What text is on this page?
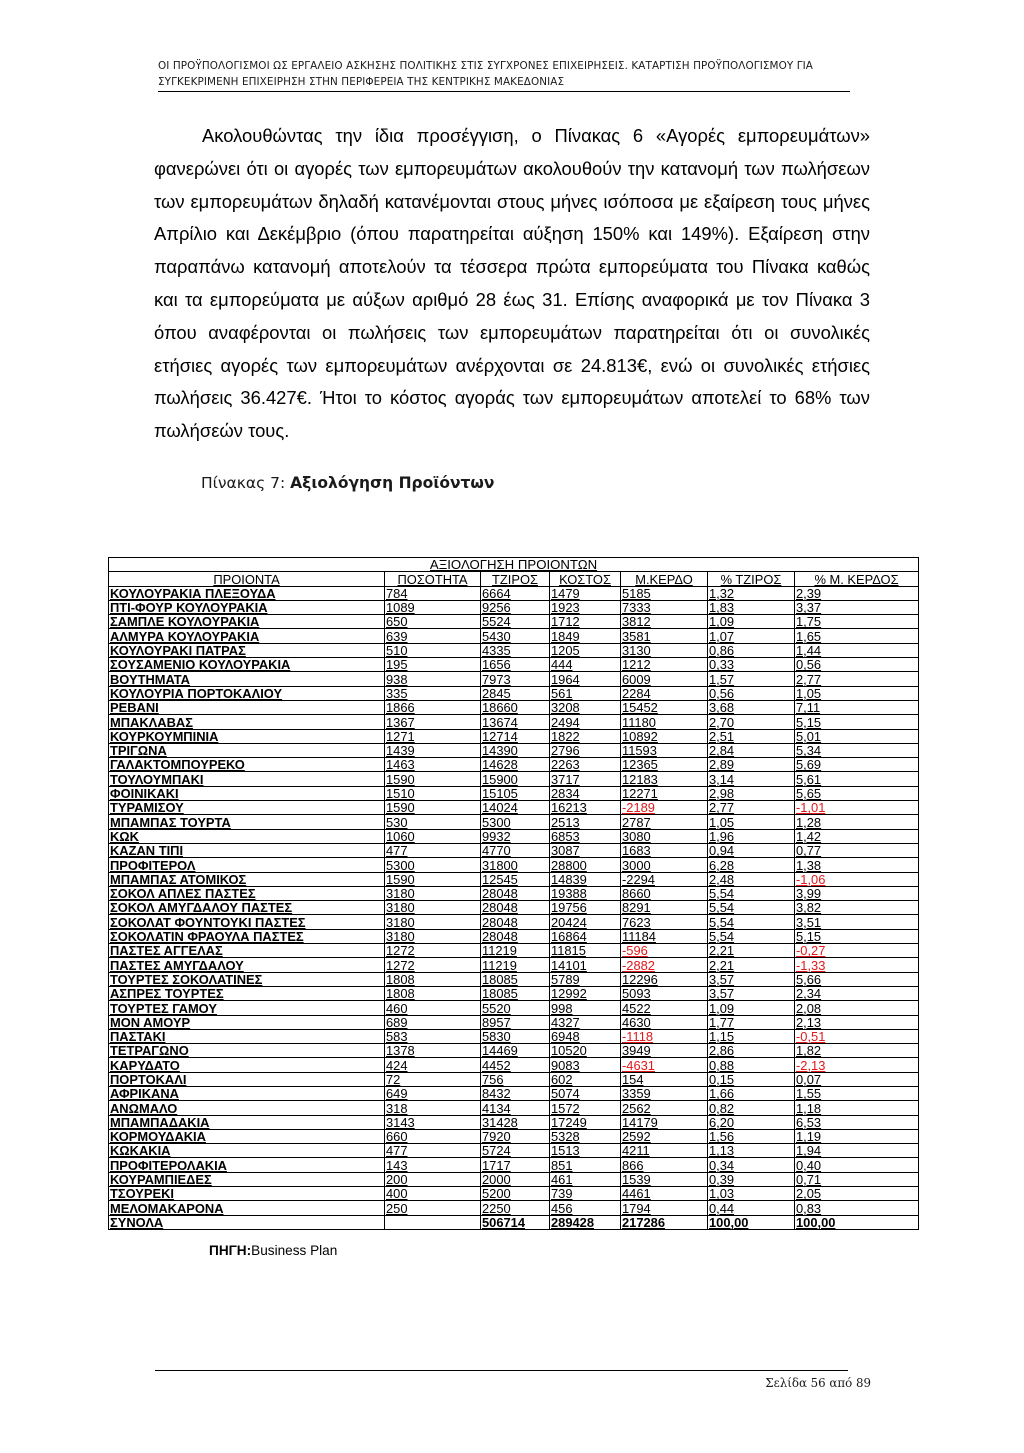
ΟΙ ΠΡΟΫΠΟΛΟΓΙΣΜΟΙ ΩΣ ΕΡΓΑΛΕΙΟ ΑΣΚΗΣΗΣ ΠΟΛΙΤΙΚΗΣ ΣΤΙΣ ΣΥΓΧΡΟΝΕΣ ΕΠΙΧΕΙΡΗΣΕΙΣ. ΚΑΤΑΡΤΙΣΗ ΠΡΟΫΠΟΛΟΓΙΣΜΟΥ ΓΙΑ
ΣΥΓΚΕΚΡΙΜΕΝΗ ΕΠΙΧΕΙΡΗΣΗ ΣΤΗΝ ΠΕΡΙΦΕΡΕΙΑ ΤΗΣ ΚΕΝΤΡΙΚΗΣ ΜΑΚΕΔΟΝΙΑΣ

Ακολουθώντας την ίδια προσέγγιση, ο Πίνακας 6 «Αγορές εμπορευμάτων» φανερώνει ότι οι αγορές των εμπορευμάτων ακολουθούν την κατανομή των πωλήσεων των εμπορευμάτων δηλαδή κατανέμονται στους μήνες ισόποσα με εξαίρεση τους μήνες Απρίλιο και Δεκέμβριο (όπου παρατηρείται αύξηση 150% και 149%). Εξαίρεση στην παραπάνω κατανομή αποτελούν τα τέσσερα πρώτα εμπορεύματα του Πίνακα καθώς και τα εμπορεύματα με αύξων αριθμό 28 έως 31. Επίσης αναφορικά με τον Πίνακα 3 όπου αναφέρονται οι πωλήσεις των εμπορευμάτων παρατηρείται ότι οι συνολικές ετήσιες αγορές των εμπορευμάτων ανέρχονται σε 24.813€, ενώ οι συνολικές ετήσιες πωλήσεις 36.427€. Ήτοι το κόστος αγοράς των εμπορευμάτων αποτελεί το 68% των πωλήσεών τους.

Πίνακας 7: Αξιολόγηση Προϊόντων
ΑΞΙΟΛΟΓΗΣΗ ΠΡΟΙΟΝΤΩΝ						
ΠΡΟΙΟΝΤΑ	ΠΟΣΟΤΗΤΑ	ΤΖΙΡΟΣ	ΚΟΣΤΟΣ	Μ.ΚΕΡΔΟ	% ΤΖΙΡΟΣ	% Μ. ΚΕΡΔΟΣ
ΚΟΥΛΟΥΡΑΚΙΑ ΠΛΕΞΟΥΔΑ	784	6664	1479	5185	1,32	2,39
ΠΤΙ-ΦΟΥΡ ΚΟΥΛΟΥΡΑΚΙΑ	1089	9256	1923	7333	1,83	3,37
ΣΑΜΠΛΕ ΚΟΥΛΟΥΡΑΚΙΑ	650	5524	1712	3812	1,09	1,75
ΑΛΜΥΡΑ ΚΟΥΛΟΥΡΑΚΙΑ	639	5430	1849	3581	1,07	1,65
ΚΟΥΛΟΥΡΑΚΙ ΠΑΤΡΑΣ	510	4335	1205	3130	0,86	1,44
ΣΟΥΣΑΜΕΝΙΟ ΚΟΥΛΟΥΡΑΚΙΑ	195	1656	444	1212	0,33	0,56
ΒΟΥΤΗΜΑΤΑ	938	7973	1964	6009	1,57	2,77
ΚΟΥΛΟΥΡΙΑ ΠΟΡΤΟΚΑΛΙΟΥ	335	2845	561	2284	0,56	1,05
ΡΕΒΑΝΙ	1866	18660	3208	15452	3,68	7,11
ΜΠΑΚΛΑΒΑΣ	1367	13674	2494	11180	2,70	5,15
ΚΟΥΡΚΟΥΜΠΙΝΙΑ	1271	12714	1822	10892	2,51	5,01
ΤΡΙΓΩΝΑ	1439	14390	2796	11593	2,84	5,34
ΓΑΛΑΚΤΟΜΠΟΥΡΕΚΟ	1463	14628	2263	12365	2,89	5,69
ΤΟΥΛΟΥΜΠΑΚΙ	1590	15900	3717	12183	3,14	5,61
ΦΟΙΝΙΚΑΚΙ	1510	15105	2834	12271	2,98	5,65
ΤΥΡΑΜΙΣΟΥ	1590	14024	16213	-2189	2,77	-1,01
ΜΠΑΜΠΑΣ ΤΟΥΡΤΑ	530	5300	2513	2787	1,05	1,28
ΚΩΚ	1060	9932	6853	3080	1,96	1,42
ΚΑΖΑΝ ΤΙΠΙ	477	4770	3087	1683	0,94	0,77
ΠΡΟΦΙΤΕΡΟΛ	5300	31800	28800	3000	6,28	1,38
ΜΠΑΜΠΑΣ ΑΤΟΜΙΚΟΣ	1590	12545	14839	-2294	2,48	-1,06
ΣΟΚΟΛ ΑΠΛΕΣ ΠΑΣΤΕΣ	3180	28048	19388	8660	5,54	3,99
ΣΟΚΟΛ ΑΜΥΓΔΑΛΟΥ ΠΑΣΤΕΣ	3180	28048	19756	8291	5,54	3,82
ΣΟΚΟΛΑΤ ΦΟΥΝΤΟΥΚΙ ΠΑΣΤΕΣ	3180	28048	20424	7623	5,54	3,51
ΣΟΚΟΛΑΤΙΝ ΦΡΑΟΥΛΑ ΠΑΣΤΕΣ	3180	28048	16864	11184	5,54	5,15
ΠΑΣΤΕΣ ΑΓΓΕΛΑΣ	1272	11219	11815	-596	2,21	-0,27
ΠΑΣΤΕΣ ΑΜΥΓΔΑΛΟΥ	1272	11219	14101	-2882	2,21	-1,33
ΤΟΥΡΤΕΣ ΣΟΚΟΛΑΤΙΝΕΣ	1808	18085	5789	12296	3,57	5,66
ΑΣΠΡΕΣ ΤΟΥΡΤΕΣ	1808	18085	12992	5093	3,57	2,34
ΤΟΥΡΤΕΣ ΓΑΜΟΥ	460	5520	998	4522	1,09	2,08
ΜΟΝ ΑΜΟΥΡ	689	8957	4327	4630	1,77	2,13
ΠΑΣΤΑΚΙ	583	5830	6948	-1118	1,15	-0,51
ΤΕΤΡΑΓΩΝΟ	1378	14469	10520	3949	2,86	1,82
ΚΑΡΥΔΑΤΟ	424	4452	9083	-4631	0,88	-2,13
ΠΟΡΤΟΚΑΛΙ	72	756	602	154	0,15	0,07
ΑΦΡΙΚΑΝΑ	649	8432	5074	3359	1,66	1,55
ΑΝΩΜΑΛΟ	318	4134	1572	2562	0,82	1,18
ΜΠΑΜΠΑΔΑΚΙΑ	3143	31428	17249	14179	6,20	6,53
ΚΟΡΜΟΥΔΑΚΙΑ	660	7920	5328	2592	1,56	1,19
ΚΩΚΑΚΙΑ	477	5724	1513	4211	1,13	1,94
ΠΡΟΦΙΤΕΡΟΛΑΚΙΑ	143	1717	851	866	0,34	0,40
ΚΟΥΡΑΜΠΙΕΔΕΣ	200	2000	461	1539	0,39	0,71
ΤΣΟΥΡΕΚΙ	400	5200	739	4461	1,03	2,05
ΜΕΛΟΜΑΚΑΡΟΝΑ	250	2250	456	1794	0,44	0,83
ΣΥΝΟΛΑ		506714	289428	217286	100,00	100,00
ΠΗΓΗ:Business Plan
Σελίδα 56 από 89
